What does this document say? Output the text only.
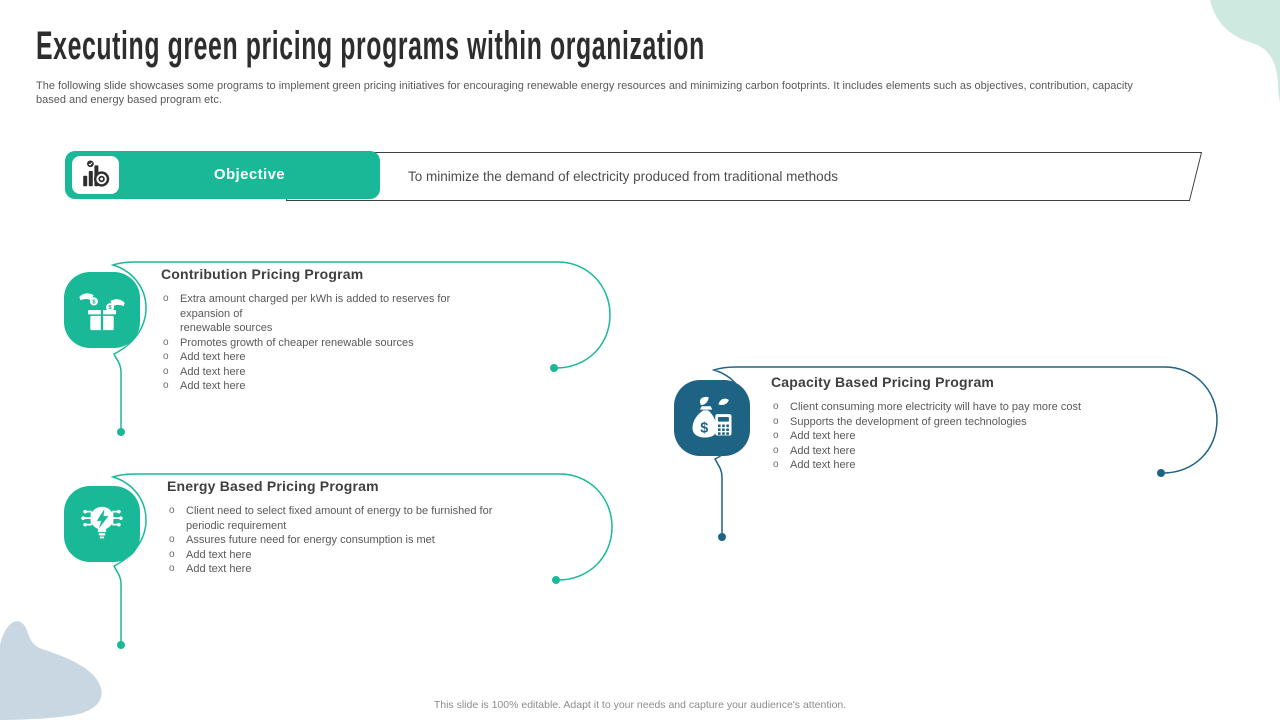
Executing green pricing programs within organization
The following slide showcases some programs to implement green pricing initiatives for encouraging renewable energy resources and minimizing carbon footprints. It includes elements such as objectives, contribution, capacity
based and energy based program etc.
To minimize the demand of electricity produced from traditional methods
Objective
$
$
Contribution Pricing Program
o
Extra amount charged per kWh is added to reserves for
expansion of
renewable sources
o
Promotes growth of cheaper renewable sources
o
Add text here
o
Add text here
o
Add text here
Energy Based Pricing Program
o
Client need to select fixed amount of energy to be furnished for
periodic requirement
o
Assures future need for energy consumption is met
o
Add text here
o
Add text here
$
Capacity Based Pricing Program
o
Client consuming more electricity will have to pay more cost
o
Supports the development of green technologies
o
Add text here
o
Add text here
o
Add text here
This slide is 100% editable. Adapt it to your needs and capture your audience's attention.
